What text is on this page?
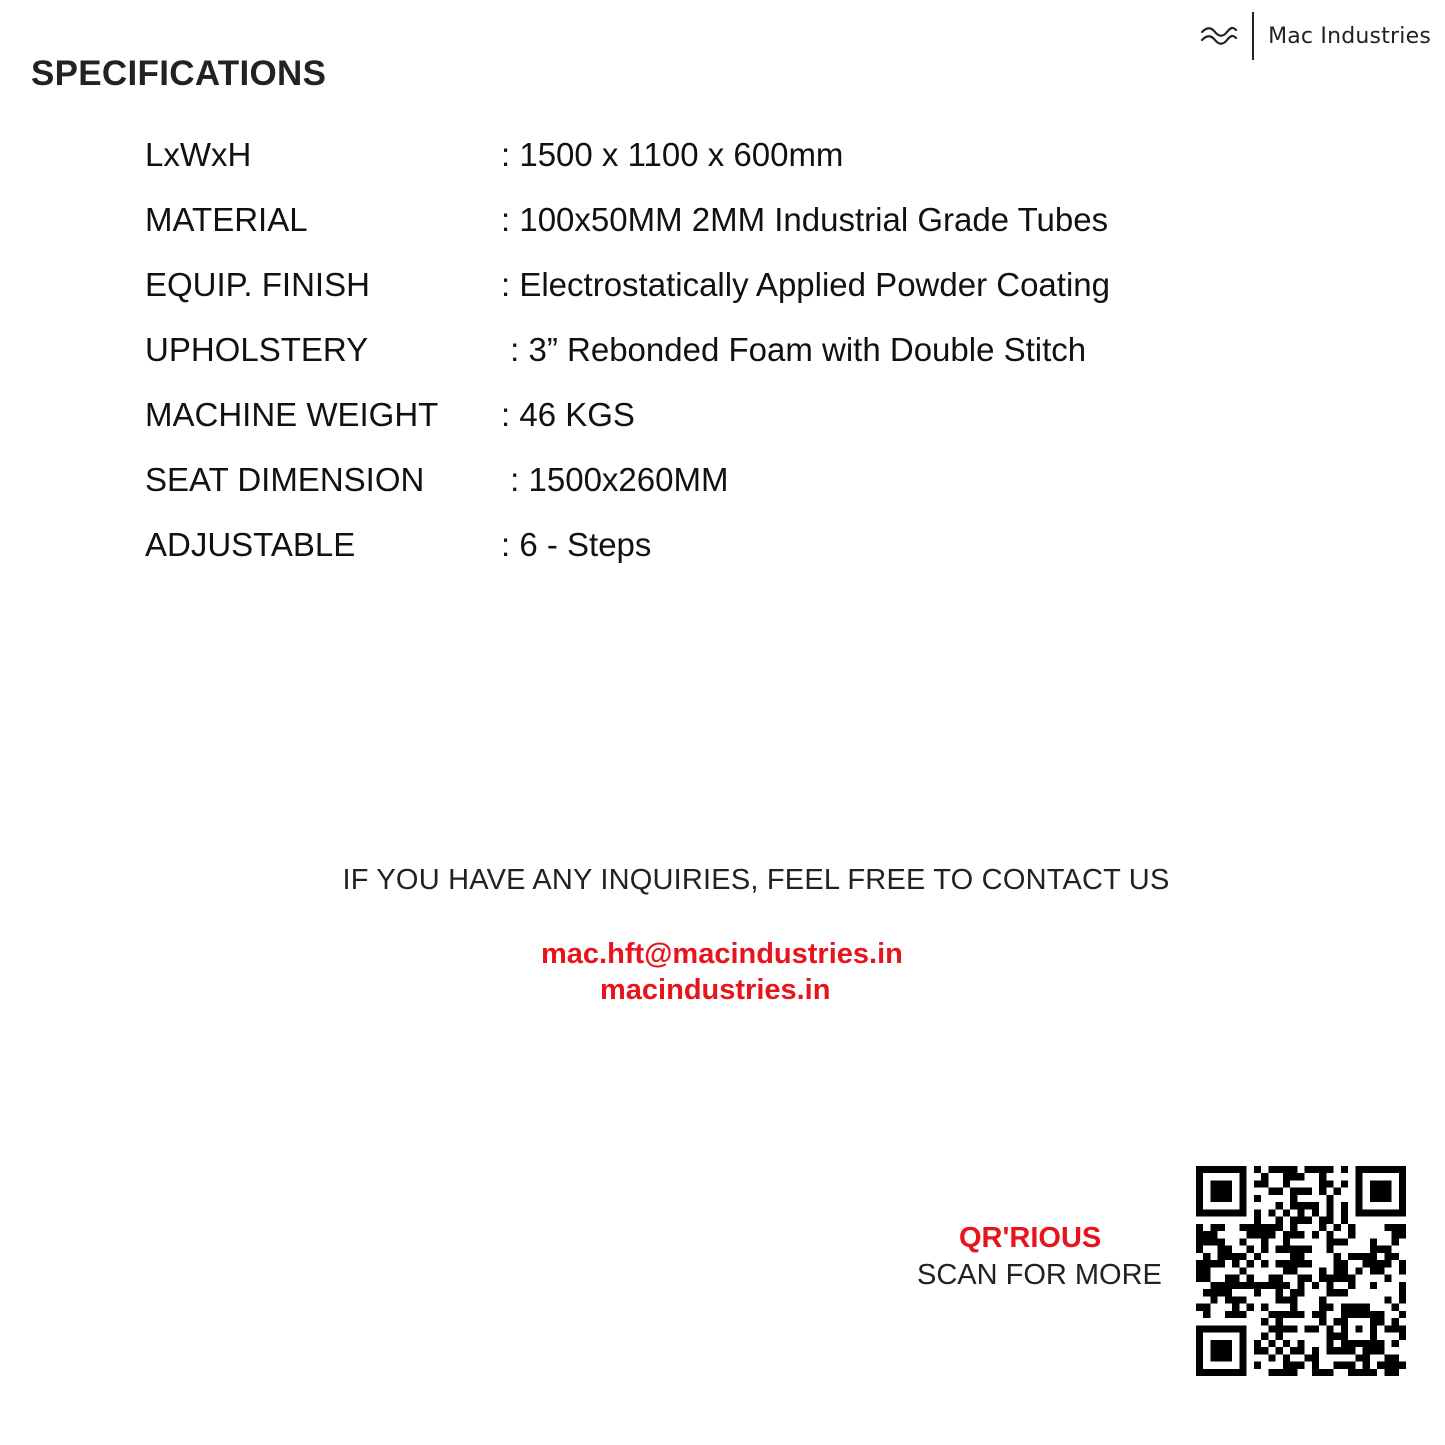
Mac Industries
SPECIFICATIONS
LxWxH	: 1500 x 1100 x 600mm
MATERIAL	: 100x50MM 2MM Industrial Grade Tubes
EQUIP. FINISH	: Electrostatically Applied Powder Coating
UPHOLSTERY	: 3” Rebonded Foam with Double Stitch
MACHINE WEIGHT	: 46 KGS
SEAT DIMENSION	: 1500x260MM
ADJUSTABLE	: 6 - Steps
IF YOU HAVE ANY INQUIRIES, FEEL FREE TO CONTACT US
mac.hft@macindustries.in
macindustries.in
QR'RIOUS
SCAN FOR MORE
